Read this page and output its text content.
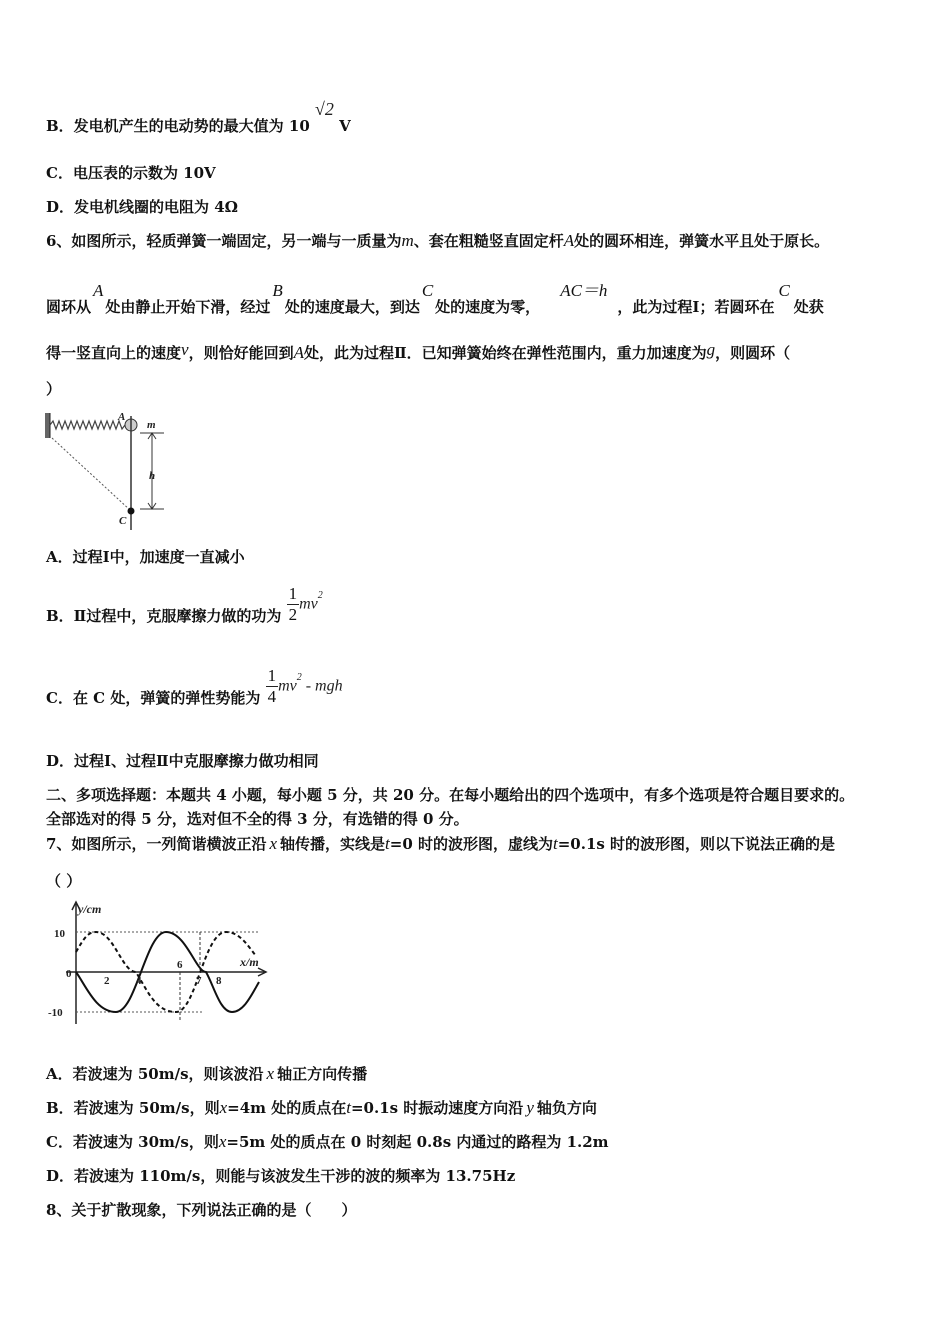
B．发电机产生的电动势的最大值为 10 √2 V
C．电压表的示数为 10V
D．发电机线圈的电阻为 4Ω
6、如图所示，轻质弹簧一端固定，另一端与一质量为m、套在粗糙竖直固定杆A处的圆环相连，弹簧水平且处于原长。
圆环从A处由静止开始下滑，经过B处的速度最大，到达C处的速度为零，AC＝h，此为过程Ⅰ；若圆环在C处获
得一竖直向上的速度v，则恰好能回到A处，此为过程Ⅱ．已知弹簧始终在弹性范围内，重力加速度为g，则圆环（
）
A
m
h
C
A．过程Ⅰ中，加速度一直减小
B．Ⅱ过程中，克服摩擦力做的功为 $\frac{1}{2} mv^2$
C．在 C 处，弹簧的弹性势能为 $\frac{1}{4} mv^2$ - mgh
D．过程Ⅰ、过程Ⅱ中克服摩擦力做功相同
二、多项选择题：本题共 4 小题，每小题 5 分，共 20 分。在每小题给出的四个选项中，有多个选项是符合题目要求的。
全部选对的得 5 分，选对但不全的得 3 分，有选错的得 0 分。
7、如图所示，一列简谐横波正沿 x 轴传播，实线是t=0 时的波形图，虚线为t=0.1s 时的波形图，则以下说法正确的是
（ ）
y/cm
x/m
10
0
-10
2 4
6
7 8
A．若波速为 50m/s，则该波沿 x 轴正方向传播
B．若波速为 50m/s，则x=4m 处的质点在t=0.1s 时振动速度方向沿 y 轴负方向
C．若波速为 30m/s，则x=5m 处的质点在 0 时刻起 0.8s 内通过的路程为 1.2m
D．若波速为 110m/s，则能与该波发生干涉的波的频率为 13.75Hz
8、关于扩散现象，下列说法正确的是（　　）
